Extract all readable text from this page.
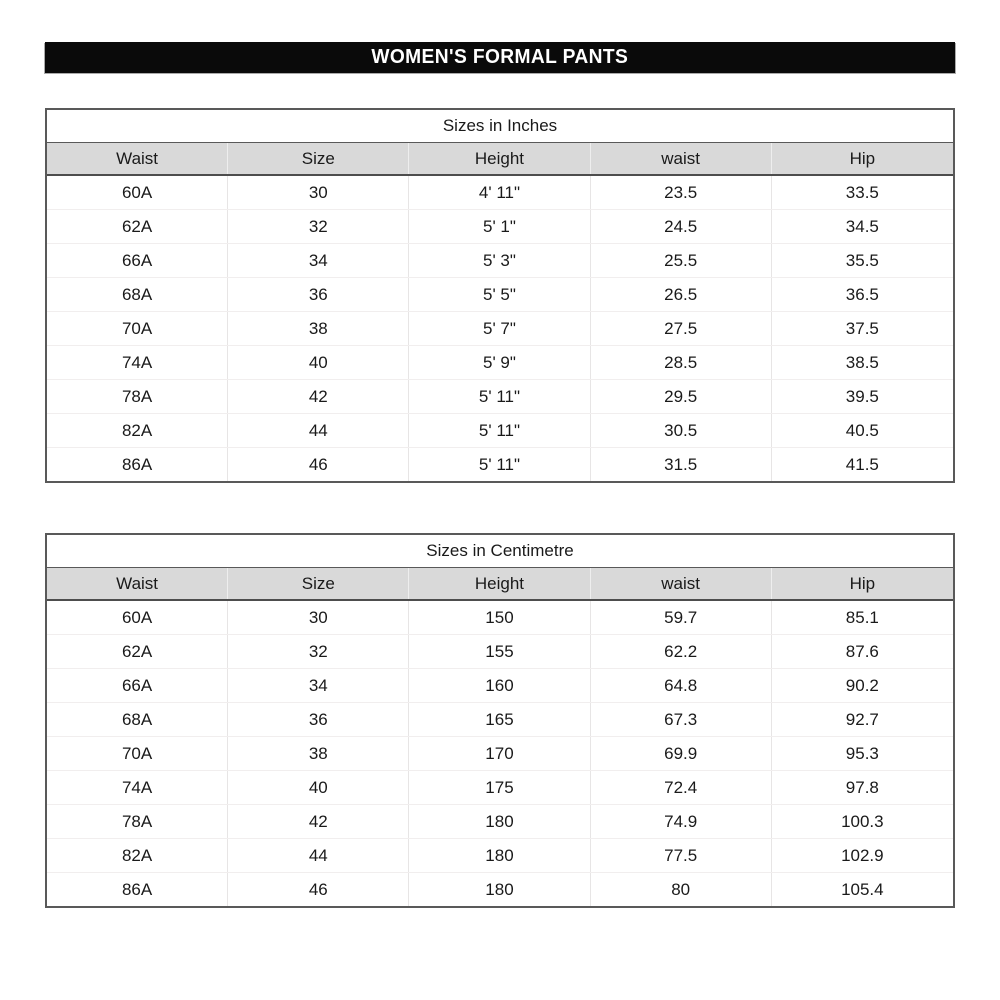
WOMEN'S FORMAL PANTS
Sizes in Inches
Waist	Size	Height	waist	Hip
60A	30	4' 11"	23.5	33.5
62A	32	5' 1"	24.5	34.5
66A	34	5' 3"	25.5	35.5
68A	36	5' 5"	26.5	36.5
70A	38	5' 7"	27.5	37.5
74A	40	5' 9"	28.5	38.5
78A	42	5' 11"	29.5	39.5
82A	44	5' 11"	30.5	40.5
86A	46	5' 11"	31.5	41.5
Sizes in Centimetre
Waist	Size	Height	waist	Hip
60A	30	150	59.7	85.1
62A	32	155	62.2	87.6
66A	34	160	64.8	90.2
68A	36	165	67.3	92.7
70A	38	170	69.9	95.3
74A	40	175	72.4	97.8
78A	42	180	74.9	100.3
82A	44	180	77.5	102.9
86A	46	180	80	105.4
